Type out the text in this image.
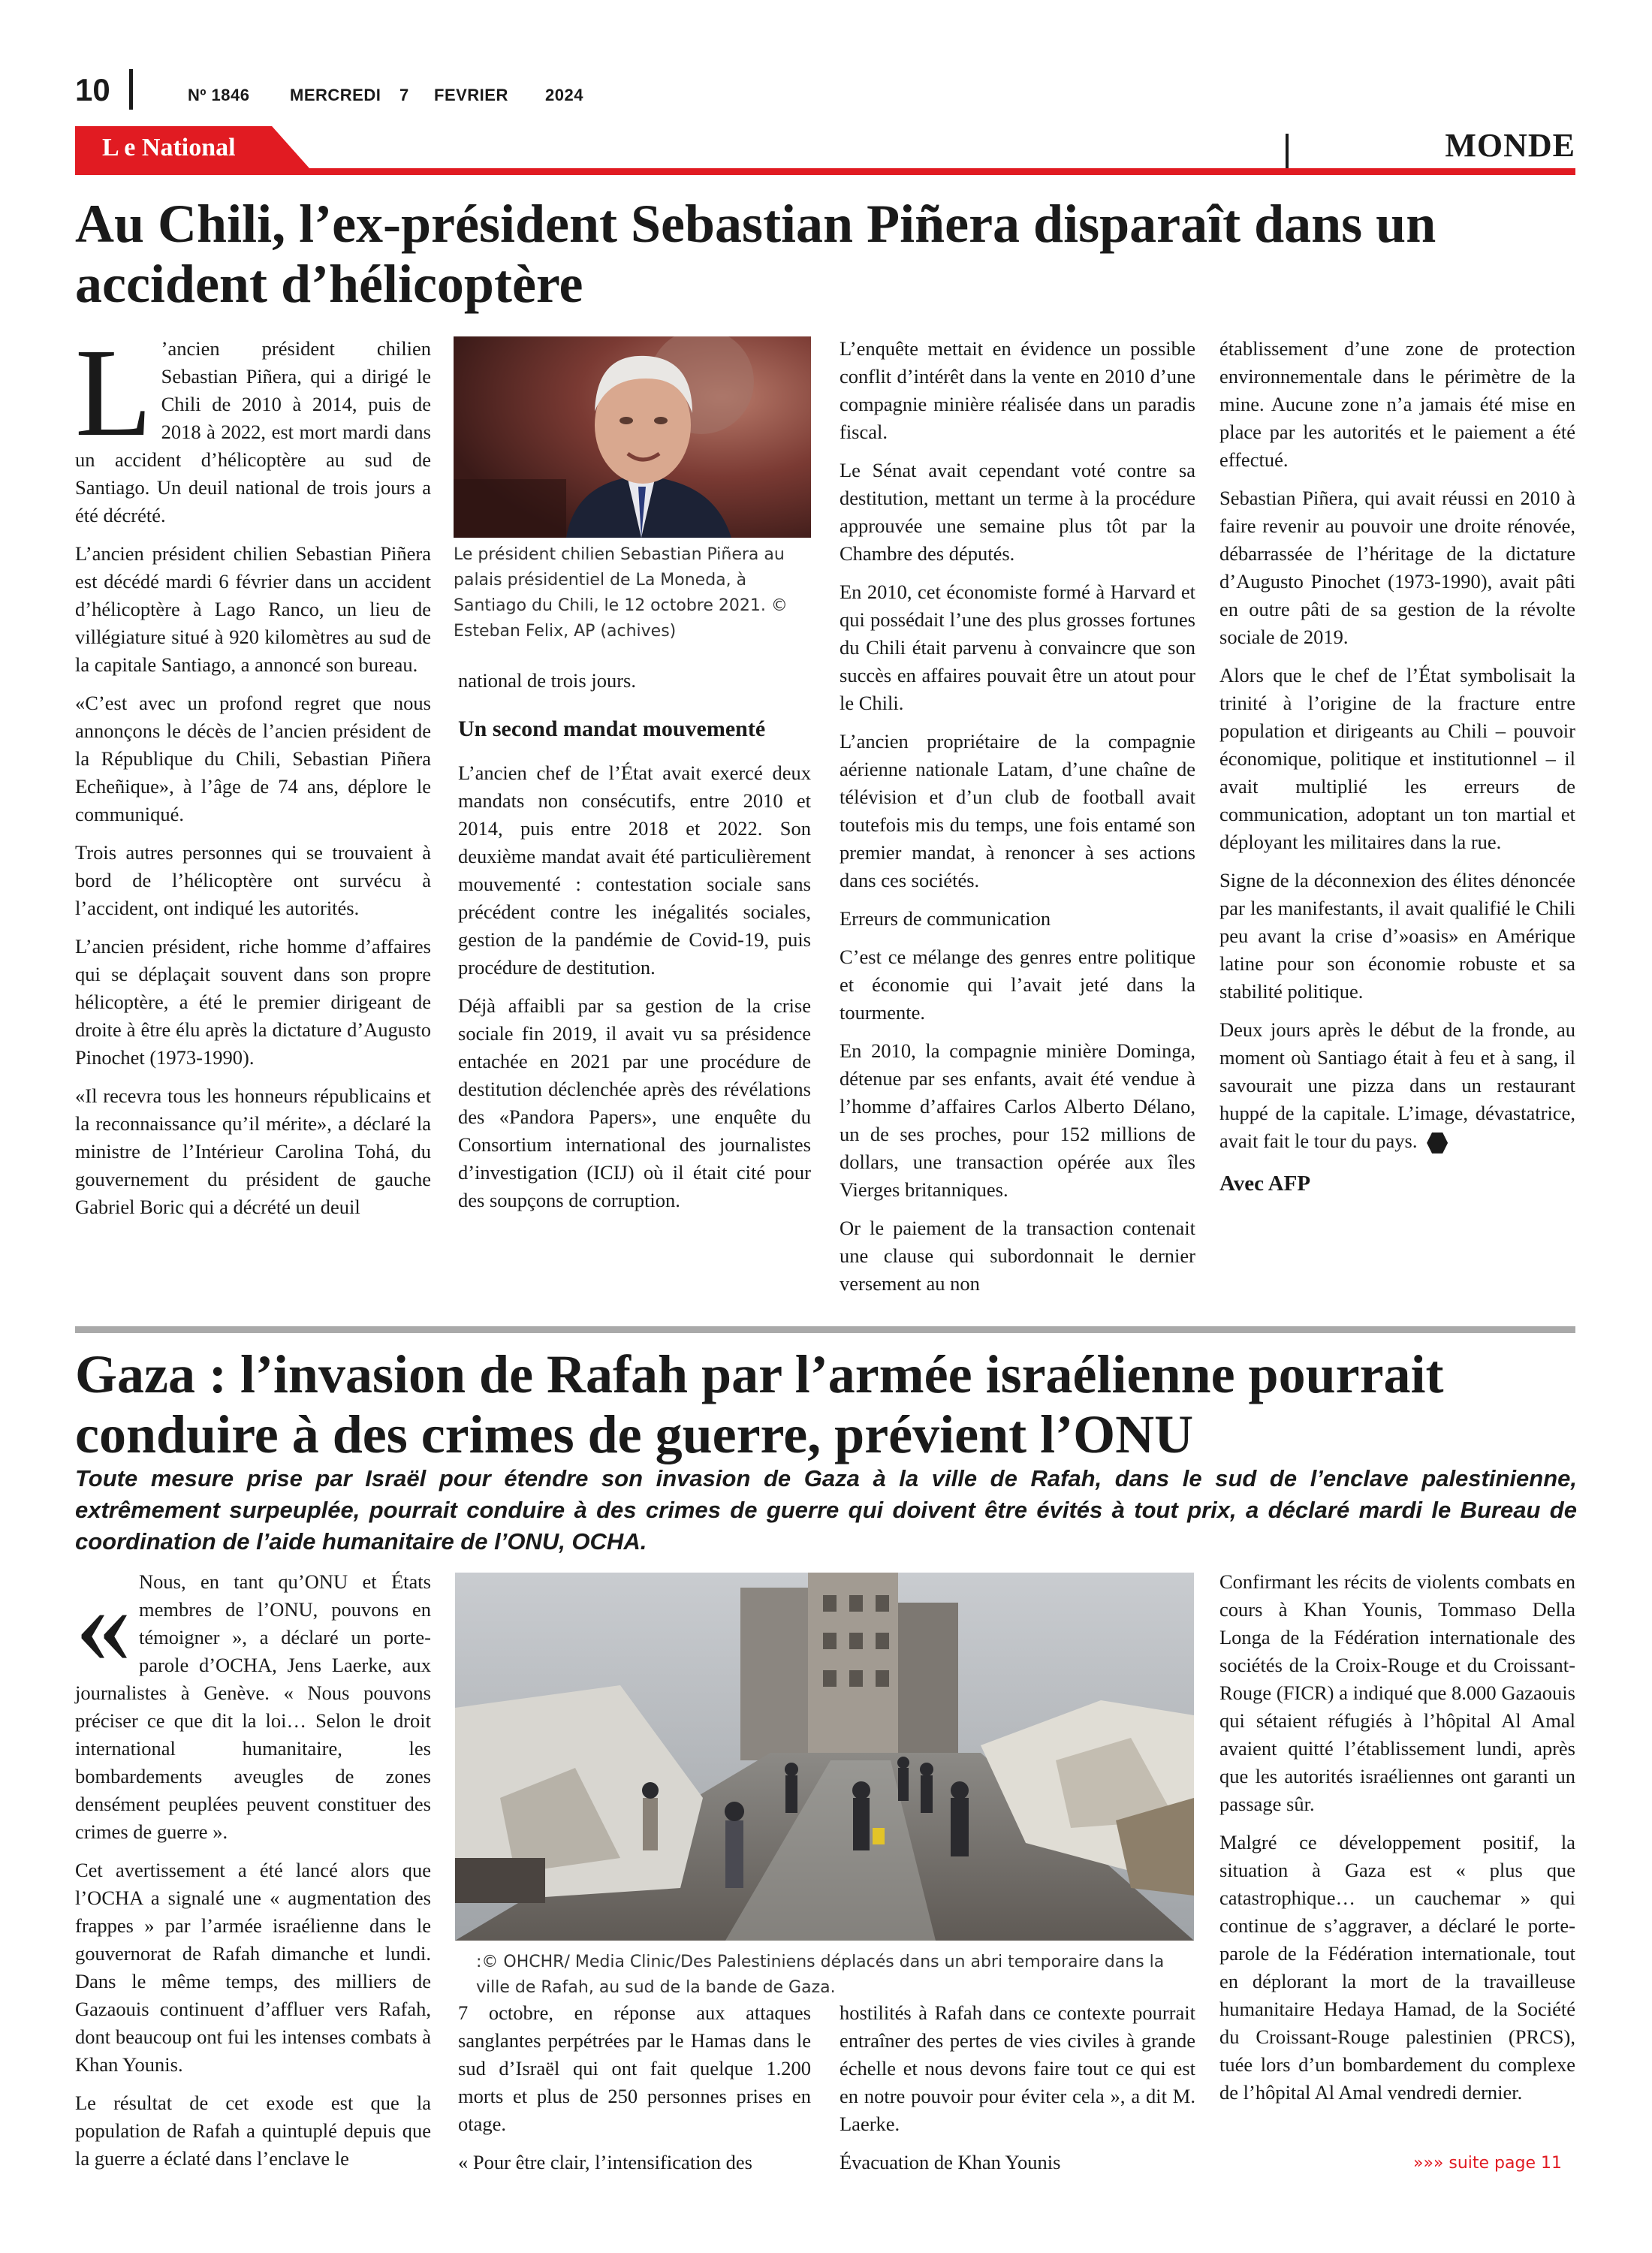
10	Nº 1846 MERCREDI 7 FEVRIER 2024
L e National	MONDE
Au Chili, l’ex-président Sebastian Piñera disparaît dans un
accident d’hélicoptère

L ’ancien président chilien Sebastian Piñera, qui a dirigé le Chili de 2010 à 2014, puis de 2018 à 2022, est mort mardi dans un accident d’hélicoptère au sud de Santiago. Un deuil national de trois jours a été décrété.

L’ancien président chilien Sebastian Piñera est décédé mardi 6 février dans un accident d’hélicoptère à Lago Ranco, un lieu de villégiature situé à 920 kilomètres au sud de la capitale Santiago, a annoncé son bureau.

«C’est avec un profond regret que nous annonçons le décès de l’ancien président de la République du Chili, Sebastian Piñera Echeñique», à l’âge de 74 ans, déplore le communiqué.

Trois autres personnes qui se trouvaient à bord de l’hélicoptère ont survécu à l’accident, ont indiqué les autorités.

L’ancien président, riche homme d’affaires qui se déplaçait souvent dans son propre hélicoptère, a été le premier dirigeant de droite à être élu après la dictature d’Augusto Pinochet (1973-1990).

«Il recevra tous les honneurs républicains et la reconnaissance qu’il mérite», a déclaré la ministre de l’Intérieur Carolina Tohá, du gouvernement du président de gauche Gabriel Boric qui a décrété un deuil

Le président chilien Sebastian Piñera au palais présidentiel de La Moneda, à Santiago du Chili, le 12 octobre 2021. © Esteban Felix, AP (achives)

national de trois jours.

Un second mandat mouvementé

L’ancien chef de l’État avait exercé deux mandats non consécutifs, entre 2010 et 2014, puis entre 2018 et 2022. Son deuxième mandat avait été particulièrement mouvementé : contestation sociale sans précédent contre les inégalités sociales, gestion de la pandémie de Covid-19, puis procédure de destitution.

Déjà affaibli par sa gestion de la crise sociale fin 2019, il avait vu sa présidence entachée en 2021 par une procédure de destitution déclenchée après des révélations des «Pandora Papers», une enquête du Consortium international des journalistes d’investigation (ICIJ) où il était cité pour des soupçons de corruption.

L’enquête mettait en évidence un possible conflit d’intérêt dans la vente en 2010 d’une compagnie minière réalisée dans un paradis fiscal.

Le Sénat avait cependant voté contre sa destitution, mettant un terme à la procédure approuvée une semaine plus tôt par la Chambre des députés.

En 2010, cet économiste formé à Harvard et qui possédait l’une des plus grosses fortunes du Chili était parvenu à convaincre que son succès en affaires pouvait être un atout pour le Chili.

L’ancien propriétaire de la compagnie aérienne nationale Latam, d’une chaîne de télévision et d’un club de football avait toutefois mis du temps, une fois entamé son premier mandat, à renoncer à ses actions dans ces sociétés.

Erreurs de communication

C’est ce mélange des genres entre politique et économie qui l’avait jeté dans la tourmente.

En 2010, la compagnie minière Dominga, détenue par ses enfants, avait été vendue à l’homme d’affaires Carlos Alberto Délano, un de ses proches, pour 152 millions de dollars, une transaction opérée aux îles Vierges britanniques.

Or le paiement de la transaction contenait une clause qui subordonnait le dernier versement au non

établissement d’une zone de protection environnementale dans le périmètre de la mine. Aucune zone n’a jamais été mise en place par les autorités et le paiement a été effectué.

Sebastian Piñera, qui avait réussi en 2010 à faire revenir au pouvoir une droite rénovée, débarrassée de l’héritage de la dictature d’Augusto Pinochet (1973-1990), avait pâti en outre pâti de sa gestion de la révolte sociale de 2019.

Alors que le chef de l’État symbolisait la trinité à l’origine de la fracture entre population et dirigeants au Chili – pouvoir économique, politique et institutionnel – il avait multiplié les erreurs de communication, adoptant un ton martial et déployant les militaires dans la rue.

Signe de la déconnexion des élites dénoncée par les manifestants, il avait qualifié le Chili peu avant la crise d’»oasis» en Amérique latine pour son économie robuste et sa stabilité politique.

Deux jours après le début de la fronde, au moment où Santiago était à feu et à sang, il savourait une pizza dans un restaurant huppé de la capitale. L’image, dévastatrice, avait fait le tour du pays.

Avec AFP
Gaza : l’invasion de Rafah par l’armée israélienne pourrait
conduire à des crimes de guerre, prévient l’ONU
Toute mesure prise par Israël pour étendre son invasion de Gaza à la ville de Rafah, dans le sud de l’enclave palestinienne, extrêmement surpeuplée, pourrait conduire à des crimes de guerre qui doivent être évités à tout prix, a déclaré mardi le Bureau de coordination de l’aide humanitaire de l’ONU, OCHA.

« Nous, en tant qu’ONU et États membres de l’ONU, pouvons en témoigner », a déclaré un porte-parole d’OCHA, Jens Laerke, aux journalistes à Genève. « Nous pouvons préciser ce que dit la loi… Selon le droit international humanitaire, les bombardements aveugles de zones densément peuplées peuvent constituer des crimes de guerre ».

Cet avertissement a été lancé alors que l’OCHA a signalé une « augmentation des frappes » par l’armée israélienne dans le gouvernorat de Rafah dimanche et lundi. Dans le même temps, des milliers de Gazaouis continuent d’affluer vers Rafah, dont beaucoup ont fui les intenses combats à Khan Younis.

Le résultat de cet exode est que la population de Rafah a quintuplé depuis que la guerre a éclaté dans l’enclave le

:© OHCHR/ Media Clinic/Des Palestiniens déplacés dans un abri temporaire dans la ville de Rafah, au sud de la bande de Gaza.

7 octobre, en réponse aux attaques sanglantes perpétrées par le Hamas dans le sud d’Israël qui ont fait quelque 1.200 morts et plus de 250 personnes prises en otage.

« Pour être clair, l’intensification des

hostilités à Rafah dans ce contexte pourrait entraîner des pertes de vies civiles à grande échelle et nous devons faire tout ce qui est en notre pouvoir pour éviter cela », a dit M. Laerke.

Évacuation de Khan Younis

Confirmant les récits de violents combats en cours à Khan Younis, Tommaso Della Longa de la Fédération internationale des sociétés de la Croix-Rouge et du Croissant-Rouge (FICR) a indiqué que 8.000 Gazaouis qui sétaient réfugiés à l’hôpital Al Amal avaient quitté l’établissement lundi, après que les autorités israéliennes ont garanti un passage sûr.

Malgré ce développement positif, la situation à Gaza est « plus que catastrophique… un cauchemar » qui continue de s’aggraver, a déclaré le porte-parole de la Fédération internationale, tout en déplorant la mort de la travailleuse humanitaire Hedaya Hamad, de la Société du Croissant-Rouge palestinien (PRCS), tuée lors d’un bombardement du complexe de l’hôpital Al Amal vendredi dernier.

»»» suite page 11
